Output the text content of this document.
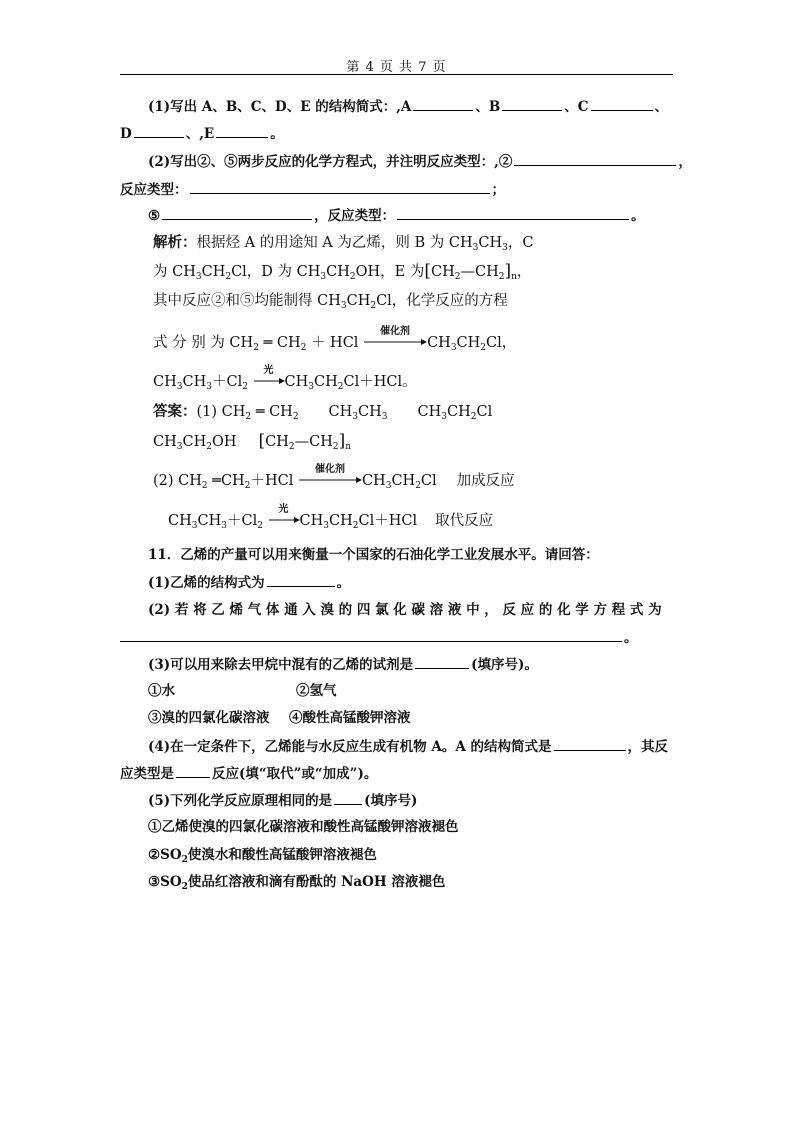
第 4 页 共 7 页
(1)写出 A、B、C、D、E 的结构简式：,A	、B	、C	、
D	、,E	。
(2)写出②、⑤两步反应的化学方程式，并注明反应类型：,②	，
反应类型：	；
⑤	，反应类型：	。
解析：根据烃 A 的用途知 A 为乙烯，则 B 为 $CH_3CH_3$，C
为 $CH_3CH_2Cl$，D 为 $CH_3CH_2OH$，E 为$[CH_2—CH_2]_n$，
其中反应②和⑤均能制得 $CH_3CH_2Cl$，化学反应的方程
式 分 别 为 $CH_2$ ═ $CH_2$ ＋ HCl
催化剂
$CH_3CH_2Cl$，
$CH_3CH_3+Cl_2$
光
$CH_3CH_2Cl+HCl$。
答案：(1) $CH_2$ ═ $CH_2$ $CH_3CH_3$ $CH_3CH_2Cl$
$CH_3CH_2OH$ $[CH_2—CH_2]_n$
(2) $CH_2$ $═CH_2+HCl$
催化剂
$CH_3CH_2Cl$ 加成反应
$CH_3CH_3+Cl_2$
光
$CH_3CH_2Cl+HCl$ 取代反应
11．乙烯的产量可以用来衡量一个国家的石油化学工业发展水平。请回答：
(1)乙烯的结构式为	。
(2) 若 将 乙 烯 气 体 通 入 溴 的 四 氯 化 碳 溶 液 中 ， 反 应 的 化 学 方 程 式 为
。
(3)可以用来除去甲烷中混有的乙烯的试剂是	(填序号)。
①水	②氢气
③溴的四氯化碳溶液 ④酸性高锰酸钾溶液
(4)在一定条件下，乙烯能与水反应生成有机物 A。A 的结构简式是	，其反
应类型是	反应(填“取代”或“加成”)。
(5)下列化学反应原理相同的是 (填序号)
①乙烯使溴的四氯化碳溶液和酸性高锰酸钾溶液褪色
$②SO_2$使溴水和酸性高锰酸钾溶液褪色
$③SO_2$使品红溶液和滴有酚酞的 NaOH 溶液褪色
